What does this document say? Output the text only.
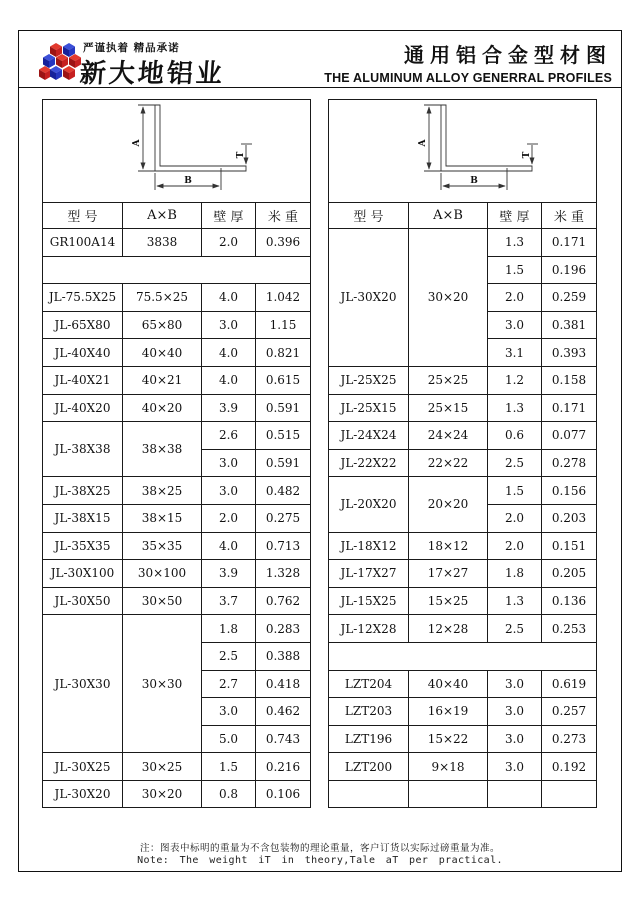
严谨执着 精品承诺
新大地铝业
通用铝合金型材图
THE ALUMINUM ALLOY GENERRAL PROFILES
A
B
T			

型 号	A×B	壁 厚	米 重
GR100A14	3838	2.0	0.396

JL-75.5X25	75.5×25	4.0	1.042
JL-65X80	65×80	3.0	1.15
JL-40X40	40×40	4.0	0.821
JL-40X21	40×21	4.0	0.615
JL-40X20	40×20	3.9	0.591
JL-38X38	38×38	2.6	0.515
		3.0	0.591
JL-38X25	38×25	3.0	0.482
JL-38X15	38×15	2.0	0.275
JL-35X35	35×35	4.0	0.713
JL-30X100	30×100	3.9	1.328
JL-30X50	30×50	3.7	0.762
JL-30X30	30×30	1.8	0.283
		2.5	0.388
		2.7	0.418
		3.0	0.462
		5.0	0.743
JL-30X25	30×25	1.5	0.216
JL-30X20	30×20	0.8	0.106
A
B
T			

型 号	A×B	壁 厚	米 重
JL-30X20	30×20	1.3	0.171
		1.5	0.196
		2.0	0.259
		3.0	0.381
		3.1	0.393
JL-25X25	25×25	1.2	0.158
JL-25X15	25×15	1.3	0.171
JL-24X24	24×24	0.6	0.077
JL-22X22	22×22	2.5	0.278
JL-20X20	20×20	1.5	0.156
		2.0	0.203
JL-18X12	18×12	2.0	0.151
JL-17X27	17×27	1.8	0.205
JL-15X25	15×25	1.3	0.136
JL-12X28	12×28	2.5	0.253

LZT204	40×40	3.0	0.619
LZT203	16×19	3.0	0.257
LZT196	15×22	3.0	0.273
LZT200	9×18	3.0	0.192

注：图表中标明的重量为不含包装物的理论重量，客户订货以实际过磅重量为准。
Note: The weight iT in theory,Tale aT per practical.
